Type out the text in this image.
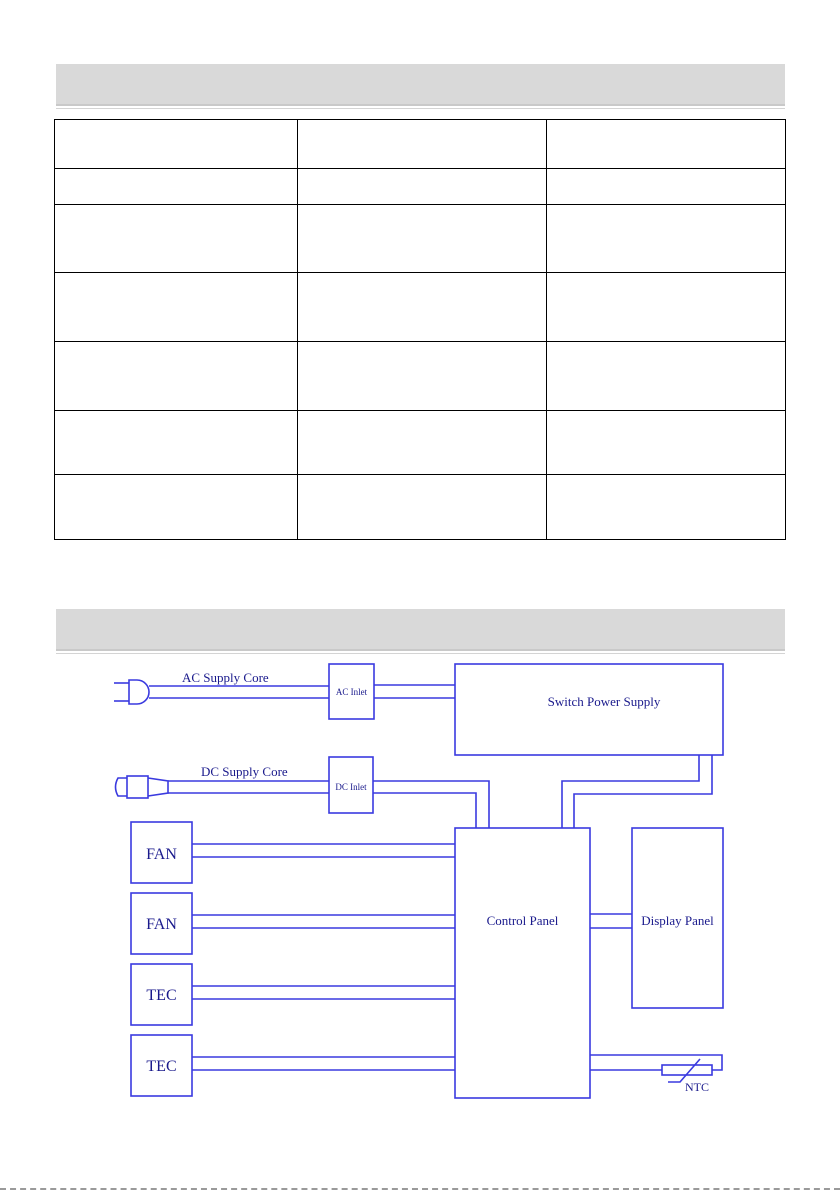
AC Supply Core
AC Inlet
Switch Power Supply
DC Supply Core
DC Inlet
FAN
FAN
TEC
TEC
Control Panel	Display Panel
NTC
